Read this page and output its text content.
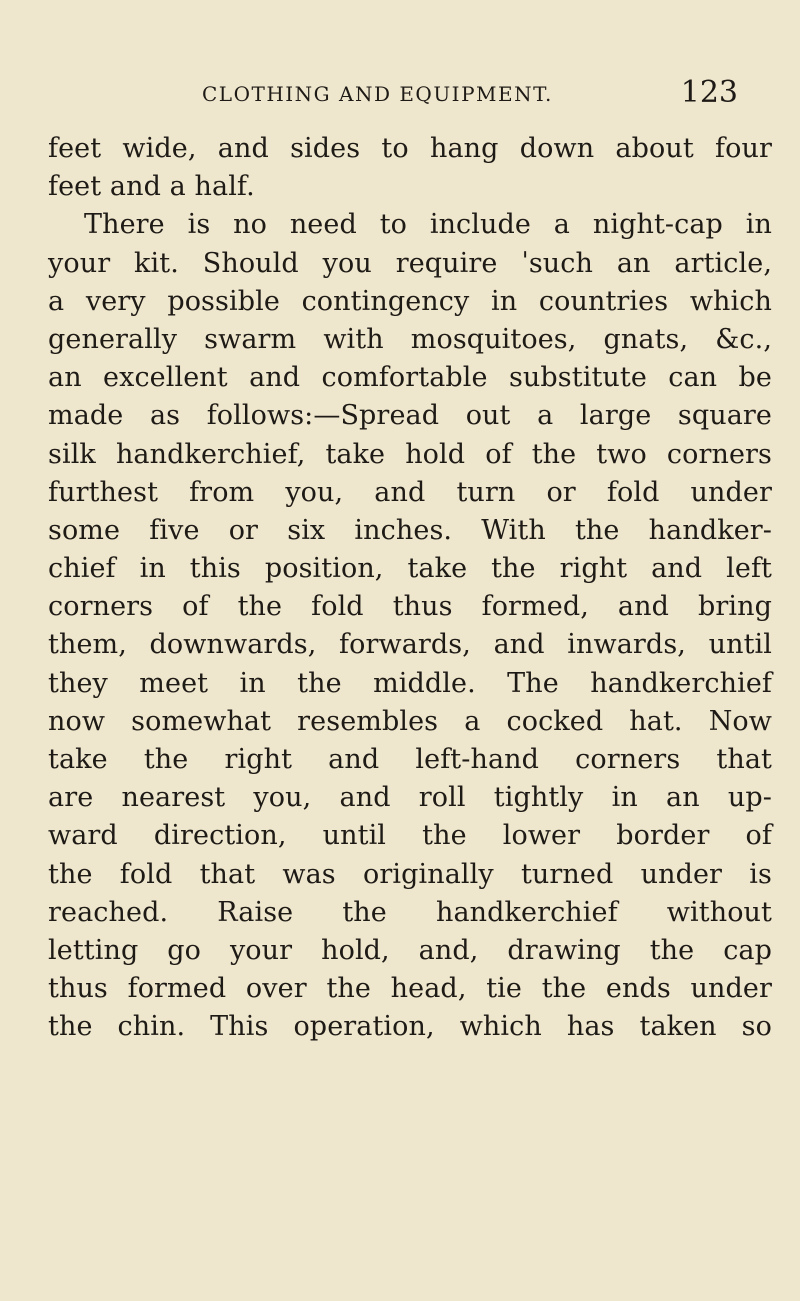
CLOTHING AND EQUIPMENT.	123
feet wide, and sides to hang down about four
feet and a half.
There is no need to include a night-cap in
your kit. Should you require ˈsuch an article,
a very possible contingency in countries which
generally swarm with mosquitoes, gnats, &c.,
an excellent and comfortable substitute can be
made as follows:—Spread out a large square
silk handkerchief, take hold of the two corners
furthest from you, and turn or fold under
some five or six inches. With the handker-
chief in this position, take the right and left
corners of the fold thus formed, and bring
them, downwards, forwards, and inwards, until
they meet in the middle. The handkerchief
now somewhat resembles a cocked hat. Now
take the right and left-hand corners that
are nearest you, and roll tightly in an up-
ward direction, until the lower border of
the fold that was originally turned under is
reached. Raise the handkerchief without
letting go your hold, and, drawing the cap
thus formed over the head, tie the ends under
the chin. This operation, which has taken so
